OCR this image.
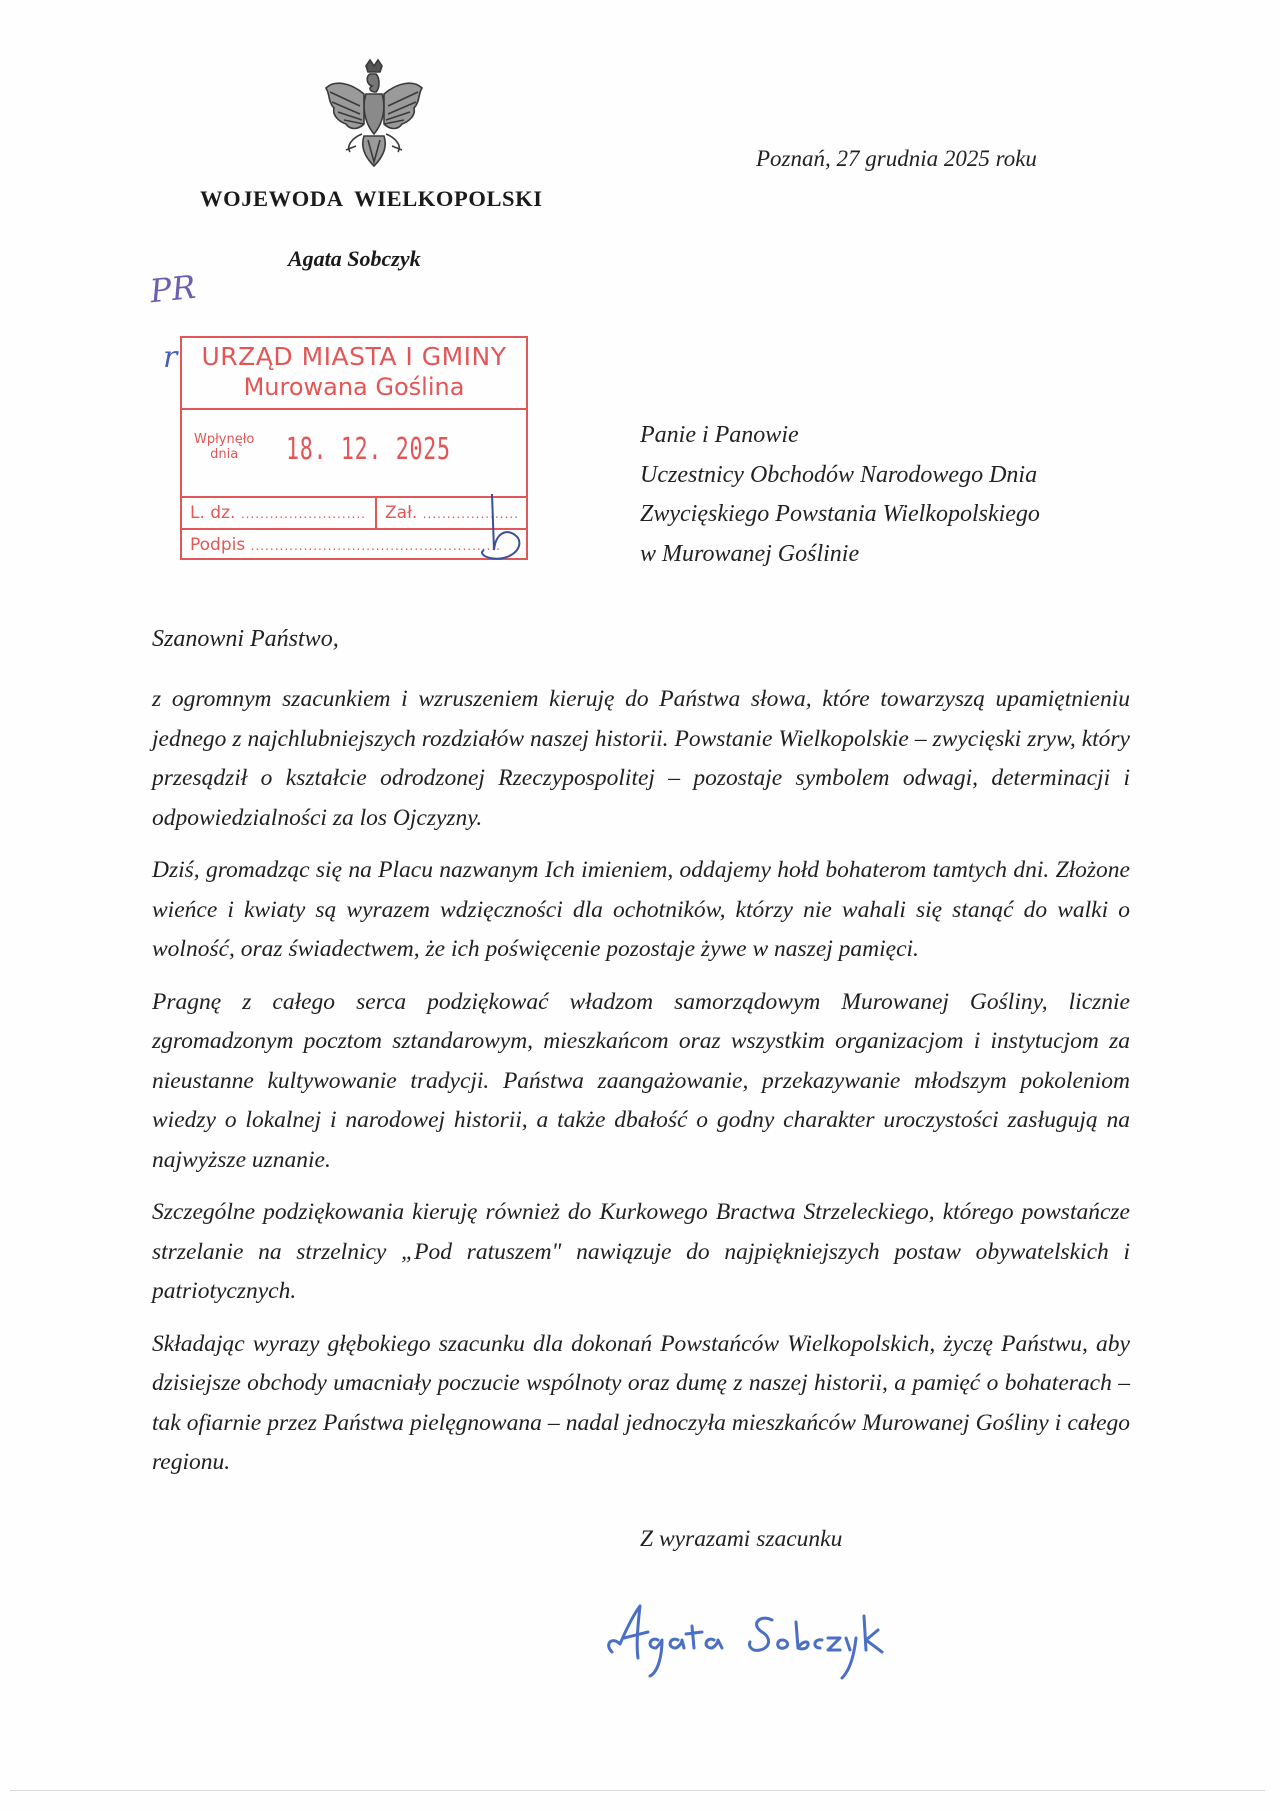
WOJEWODA WIELKOPOLSKI
Agata Sobczyk
Poznań, 27 grudnia 2025 roku
PR
r URZĄD MIASTA I GMINY
Murowana Goślina
Wpłynęło
dnia	18. 12. 2025
L. dz. ..........................	Zał. ....................
Podpis ....................................................
Panie i Panowie
Uczestnicy Obchodów Narodowego Dnia
Zwycięskiego Powstania Wielkopolskiego
w Murowanej Goślinie
Szanowni Państwo,

z ogromnym szacunkiem i wzruszeniem kieruję do Państwa słowa, które towarzyszą upamiętnieniu jednego z najchlubniejszych rozdziałów naszej historii. Powstanie Wielkopolskie – zwycięski zryw, który przesądził o kształcie odrodzonej Rzeczypospolitej – pozostaje symbolem odwagi, determinacji i odpowiedzialności za los Ojczyzny.

Dziś, gromadząc się na Placu nazwanym Ich imieniem, oddajemy hołd bohaterom tamtych dni. Złożone wieńce i kwiaty są wyrazem wdzięczności dla ochotników, którzy nie wahali się stanąć do walki o wolność, oraz świadectwem, że ich poświęcenie pozostaje żywe w naszej pamięci.

Pragnę z całego serca podziękować władzom samorządowym Murowanej Gośliny, licznie zgromadzonym pocztom sztandarowym, mieszkańcom oraz wszystkim organizacjom i instytucjom za nieustanne kultywowanie tradycji. Państwa zaangażowanie, przekazywanie młodszym pokoleniom wiedzy o lokalnej i narodowej historii, a także dbałość o godny charakter uroczystości zasługują na najwyższe uznanie.

Szczególne podziękowania kieruję również do Kurkowego Bractwa Strzeleckiego, którego powstańcze strzelanie na strzelnicy „Pod ratuszem" nawiązuje do najpiękniejszych postaw obywatelskich i patriotycznych.

Składając wyrazy głębokiego szacunku dla dokonań Powstańców Wielkopolskich, życzę Państwu, aby dzisiejsze obchody umacniały poczucie wspólnoty oraz dumę z naszej historii, a pamięć o bohaterach – tak ofiarnie przez Państwa pielęgnowana – nadal jednoczyła mieszkańców Murowanej Gośliny i całego regionu.

Z wyrazami szacunku
